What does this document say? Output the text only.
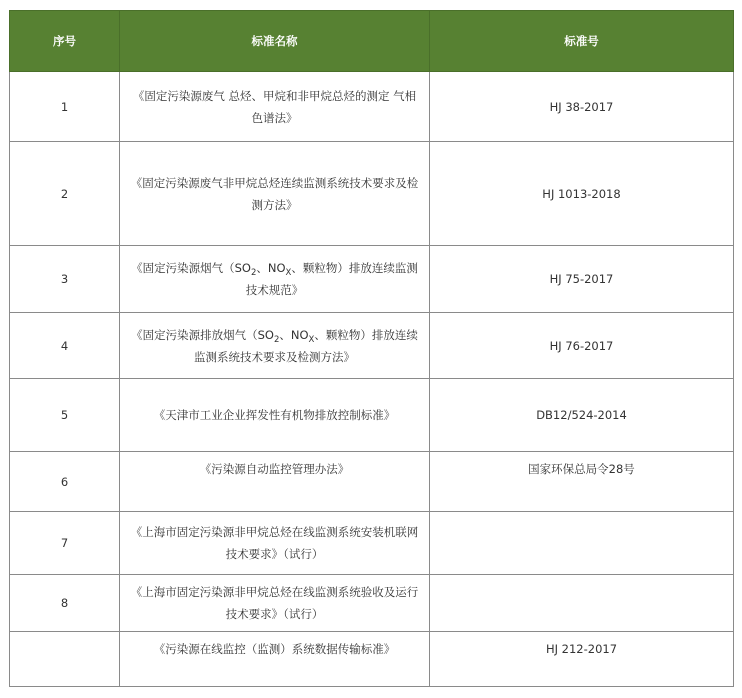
序号	标准名称	标准号
1	《固定污染源废气 总烃、甲烷和非甲烷总烃的测定 气相色谱法》	HJ 38-2017
2	《固定污染源废气非甲烷总烃连续监测系统技术要求及检测方法》	HJ 1013-2018
3	《固定污染源烟气（$SO_2$、$NO_X$、颗粒物）排放连续监测技术规范》	HJ 75-2017
4	《固定污染源排放烟气（$SO_2$、$NO_X$、颗粒物）排放连续监测系统技术要求及检测方法》	HJ 76-2017
5	《天津市工业企业挥发性有机物排放控制标准》	DB12/524-2014
6	《污染源自动监控管理办法》	国家环保总局令28号
7	《上海市固定污染源非甲烷总烃在线监测系统安装机联网技术要求》（试行）	
8	《上海市固定污染源非甲烷总烃在线监测系统验收及运行技术要求》（试行）	
	《污染源在线监控（监测）系统数据传输标准》	HJ 212-2017
